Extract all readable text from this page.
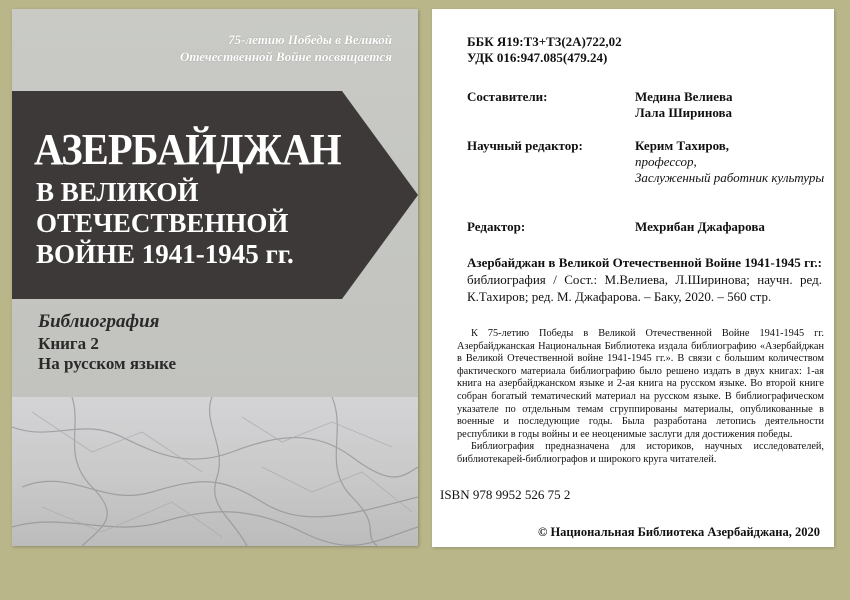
75-летию Победы в Великой
Отечественной Войне посвящается
АЗЕРБАЙДЖАН
В ВЕЛИКОЙ
ОТЕЧЕСТВЕННОЙ
ВОЙНЕ 1941-1945 гг.
Библиография
Книга 2
На русском языке
ББК Я19:Т3+Т3(2А)722,02
УДК 016:947.085(479.24)
Составители:	Медина Велиева
Лала Ширинова
Научный редактор:	Керим Тахиров,
профессор,
Заслуженный работник культуры
Редактор:	Мехрибан Джафарова
Азербайджан в Великой Отечественной Войне 1941-1945 гг.: библиография / Сост.: М.Велиева, Л.Ширинова; научн. ред. К.Тахиров; ред. М. Джафарова. – Баку, 2020. – 560 стр.

К 75-летию Победы в Великой Отечественной Войне 1941-1945 гг. Азербайджанская Национальная Библиотека издала библиографию «Азербайджан в Великой Отечественной войне 1941-1945 гг.». В связи с большим количеством фактического материала библиографию было решено издать в двух книгах: 1-ая книга на азербайджанском языке и 2-ая книга на русском языке. Во второй книге собран богатый тематический материал на русском языке. В библиографическом указателе по отдельным темам сгруппированы материалы, опубликованные в военные и последующие годы. Была разработана летопись деятельности республики в годы войны и ее неоценимые заслуги для достижения победы.

Библиография предназначена для историков, научных исследователей, библиотекарей-библиографов и широкого круга читателей.

ISBN 978 9952 526 75 2
© Национальная Библиотека Азербайджана, 2020
